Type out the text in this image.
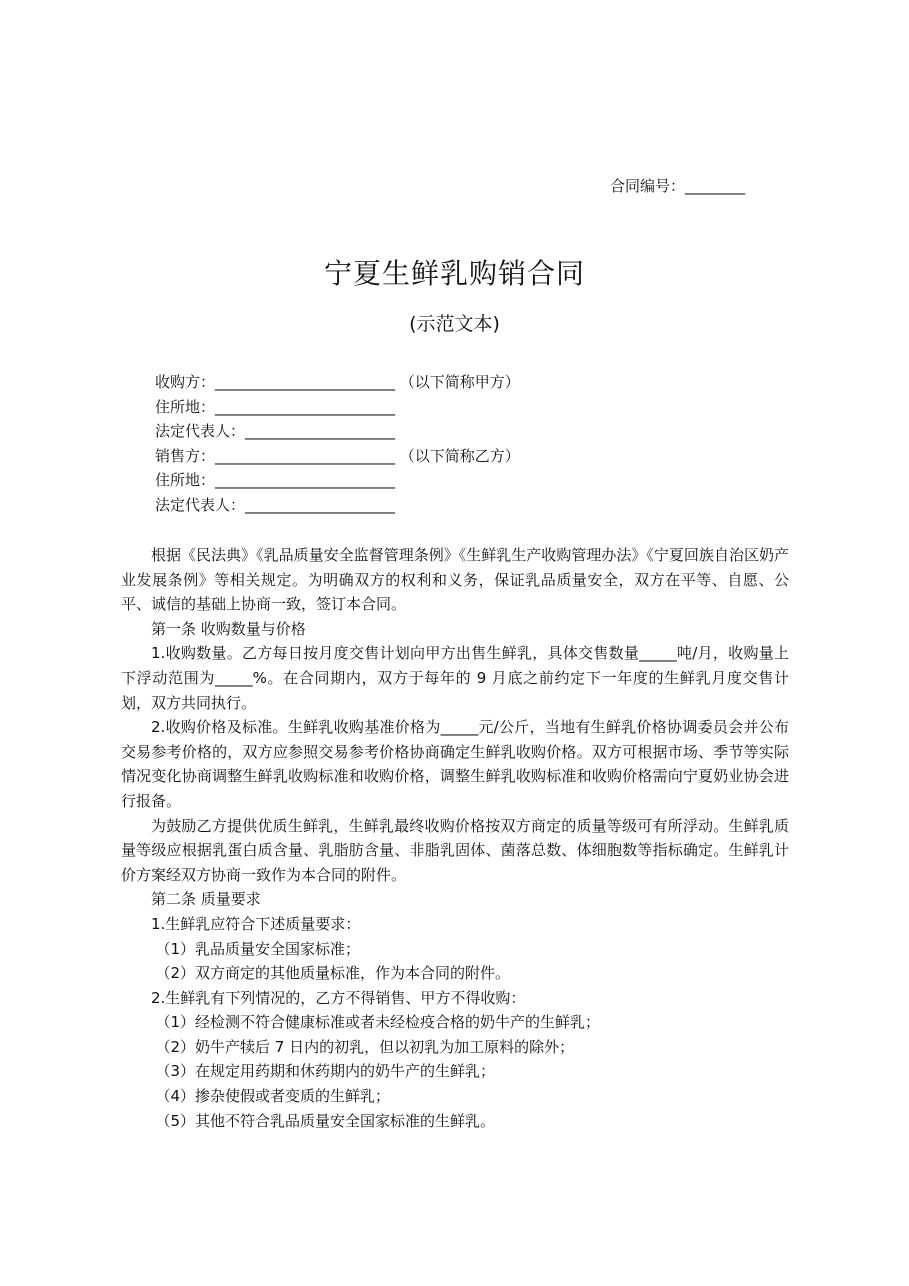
合同编号：________
宁夏生鲜乳购销合同
(示范文本)
收购方：________________________ （以下简称甲方）
住所地：________________________
法定代表人：____________________
销售方：________________________ （以下简称乙方）
住所地：________________________
法定代表人：____________________

根据《民法典》《乳品质量安全监督管理条例》《生鲜乳生产收购管理办法》《宁夏回族自治区奶产业发展条例》等相关规定。为明确双方的权利和义务，保证乳品质量安全，双方在平等、自愿、公平、诚信的基础上协商一致，签订本合同。

第一条 收购数量与价格

1.收购数量。乙方每日按月度交售计划向甲方出售生鲜乳，具体交售数量_____吨/月，收购量上下浮动范围为_____%。在合同期内，双方于每年的 9 月底之前约定下一年度的生鲜乳月度交售计划，双方共同执行。

2.收购价格及标准。生鲜乳收购基准价格为_____元/公斤，当地有生鲜乳价格协调委员会并公布交易参考价格的，双方应参照交易参考价格协商确定生鲜乳收购价格。双方可根据市场、季节等实际情况变化协商调整生鲜乳收购标准和收购价格，调整生鲜乳收购标准和收购价格需向宁夏奶业协会进行报备。

为鼓励乙方提供优质生鲜乳，生鲜乳最终收购价格按双方商定的质量等级可有所浮动。生鲜乳质量等级应根据乳蛋白质含量、乳脂肪含量、非脂乳固体、菌落总数、体细胞数等指标确定。生鲜乳计价方案经双方协商一致作为本合同的附件。

第二条 质量要求

1.生鲜乳应符合下述质量要求：

（1）乳品质量安全国家标准；

（2）双方商定的其他质量标准，作为本合同的附件。

2.生鲜乳有下列情况的，乙方不得销售、甲方不得收购：

（1）经检测不符合健康标准或者未经检疫合格的奶牛产的生鲜乳；

（2）奶牛产犊后 7 日内的初乳，但以初乳为加工原料的除外；

（3）在规定用药期和休药期内的奶牛产的生鲜乳；

（4）掺杂使假或者变质的生鲜乳；

（5）其他不符合乳品质量安全国家标准的生鲜乳。
